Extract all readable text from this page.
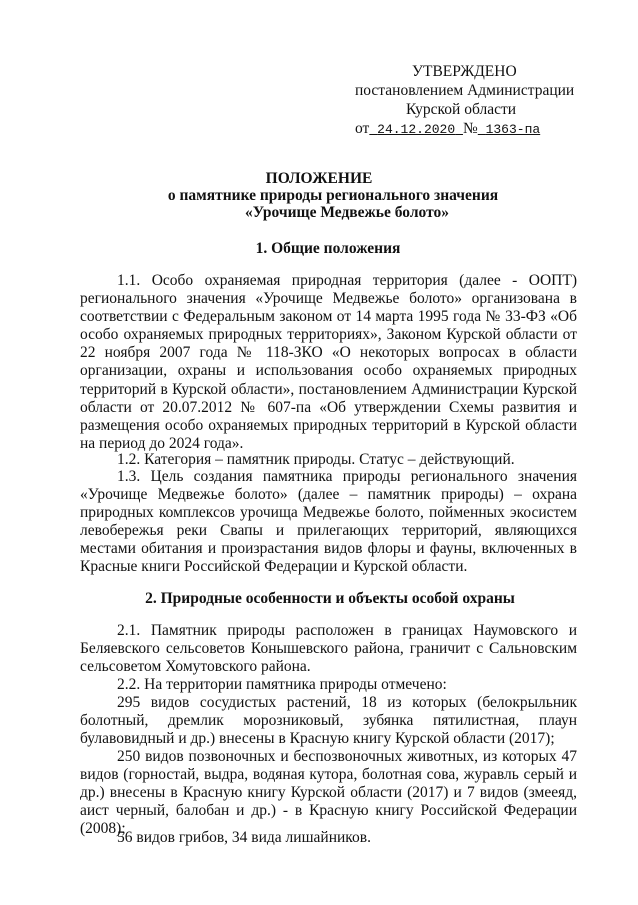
УТВЕРЖДЕНО
постановлением Администрации
Курской области
от 24.12.2020 № 1363-па
ПОЛОЖЕНИЕ
о памятнике природы регионального значения
«Урочище Медвежье болото»
1. Общие положения
1.1. Особо охраняемая природная территория (далее - ООПТ) регионального значения «Урочище Медвежье болото» организована в соответствии с Федеральным законом от 14 марта 1995 года № 33-ФЗ «Об особо охраняемых природных территориях», Законом Курской области от 22 ноября 2007 года № 118-ЗКО «О некоторых вопросах в области организации, охраны и использования особо охраняемых природных территорий в Курской области», постановлением Администрации Курской области от 20.07.2012 № 607-па «Об утверждении Схемы развития и размещения особо охраняемых природных территорий в Курской области на период до 2024 года».
1.2. Категория – памятник природы. Статус – действующий.
1.3. Цель создания памятника природы регионального значения «Урочище Медвежье болото» (далее – памятник природы) – охрана природных комплексов урочища Медвежье болото, пойменных экосистем левобережья реки Свапы и прилегающих территорий, являющихся местами обитания и произрастания видов флоры и фауны, включенных в Красные книги Российской Федерации и Курской области.
2. Природные особенности и объекты особой охраны
2.1. Памятник природы расположен в границах Наумовского и Беляевского сельсоветов Конышевского района, граничит с Сальновским сельсоветом Хомутовского района.
2.2. На территории памятника природы отмечено:
295 видов сосудистых растений, 18 из которых (белокрыльник болотный, дремлик морозниковый, зубянка пятилистная, плаун булавовидный и др.) внесены в Красную книгу Курской области (2017);
250 видов позвоночных и беспозвоночных животных, из которых 47 видов (горностай, выдра, водяная кутора, болотная сова, журавль серый и др.) внесены в Красную книгу Курской области (2017) и 7 видов (змееяд, аист черный, балобан и др.) - в Красную книгу Российской Федерации (2008);
56 видов грибов, 34 вида лишайников.
